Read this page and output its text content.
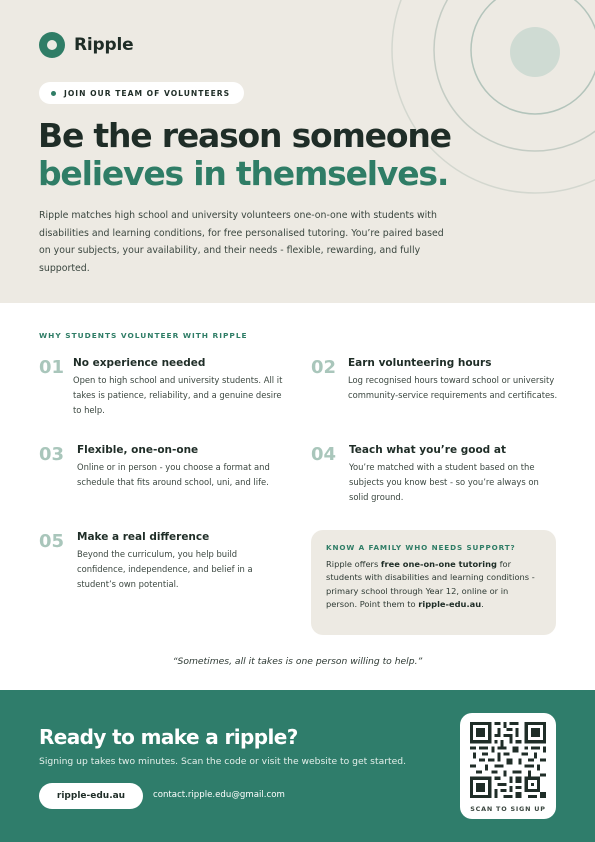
Ripple
JOIN OUR TEAM OF VOLUNTEERS
Be the reason someone
believes in themselves.

Ripple matches high school and university volunteers one-on-one with students with disabilities and learning conditions, for free personalised tutoring. You’re paired based on your subjects, your availability, and their needs - flexible, rewarding, and fully supported.

WHY STUDENTS VOLUNTEER WITH RIPPLE
01 No experience needed

Open to high school and university students. All it takes is patience, reliability, and a genuine desire to help.

02 Earn volunteering hours

Log recognised hours toward school or university community-service requirements and certificates.

03 Flexible, one-on-one

Online or in person - you choose a format and schedule that fits around school, uni, and life.

04 Teach what you’re good at

You’re matched with a student based on the subjects you know best - so you’re always on solid ground.

05 Make a real difference

Beyond the curriculum, you help build confidence, independence, and belief in a student’s own potential.

KNOW A FAMILY WHO NEEDS SUPPORT?

Ripple offers free one-on-one tutoring for students with disabilities and learning conditions - primary school through Year 12, online or in person. Point them to ripple-edu.au.

“Sometimes, all it takes is one person willing to help.”

Ready to make a ripple?

Signing up takes two minutes. Scan the code or visit the website to get started.

ripple-edu.au	contact.ripple.edu@gmail.com
SCAN TO SIGN UP
